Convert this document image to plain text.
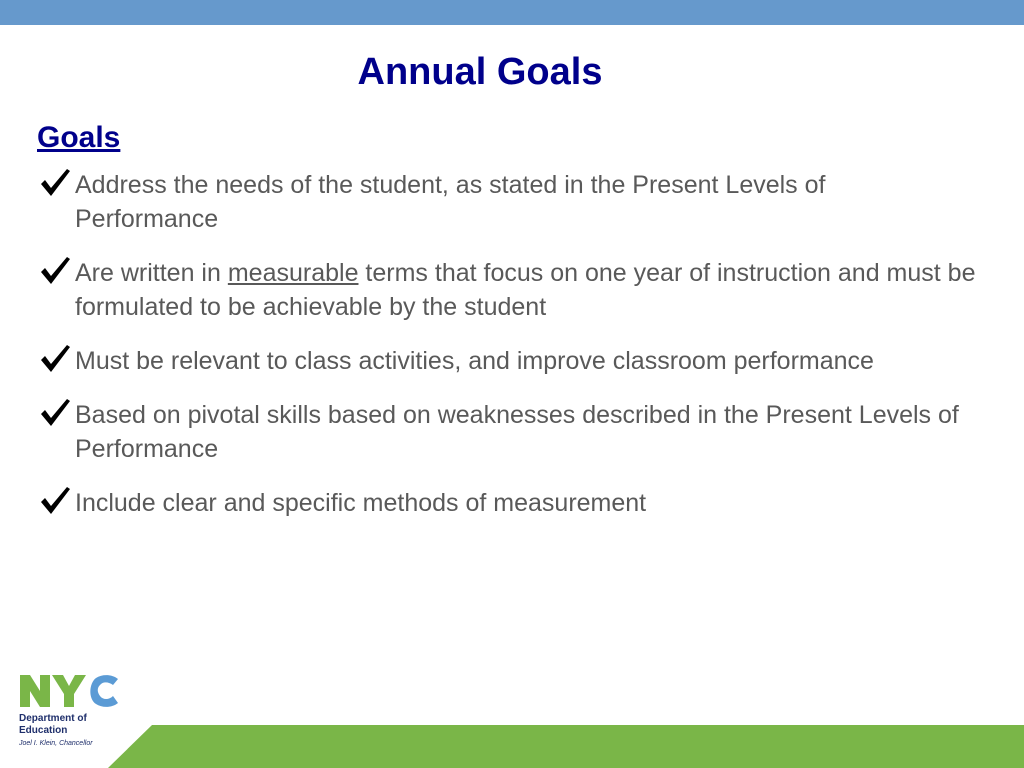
Annual Goals
Goals
Address the needs of the student, as stated in the Present Levels of
Performance
Are written in measurable terms that focus on one year of instruction and must be formulated to be achievable by the student
Must be relevant to class activities, and improve classroom performance
Based on pivotal skills based on weaknesses described in the Present Levels of Performance
Include clear and specific methods of measurement
Department of
Education
Joel I. Klein, Chancellor
